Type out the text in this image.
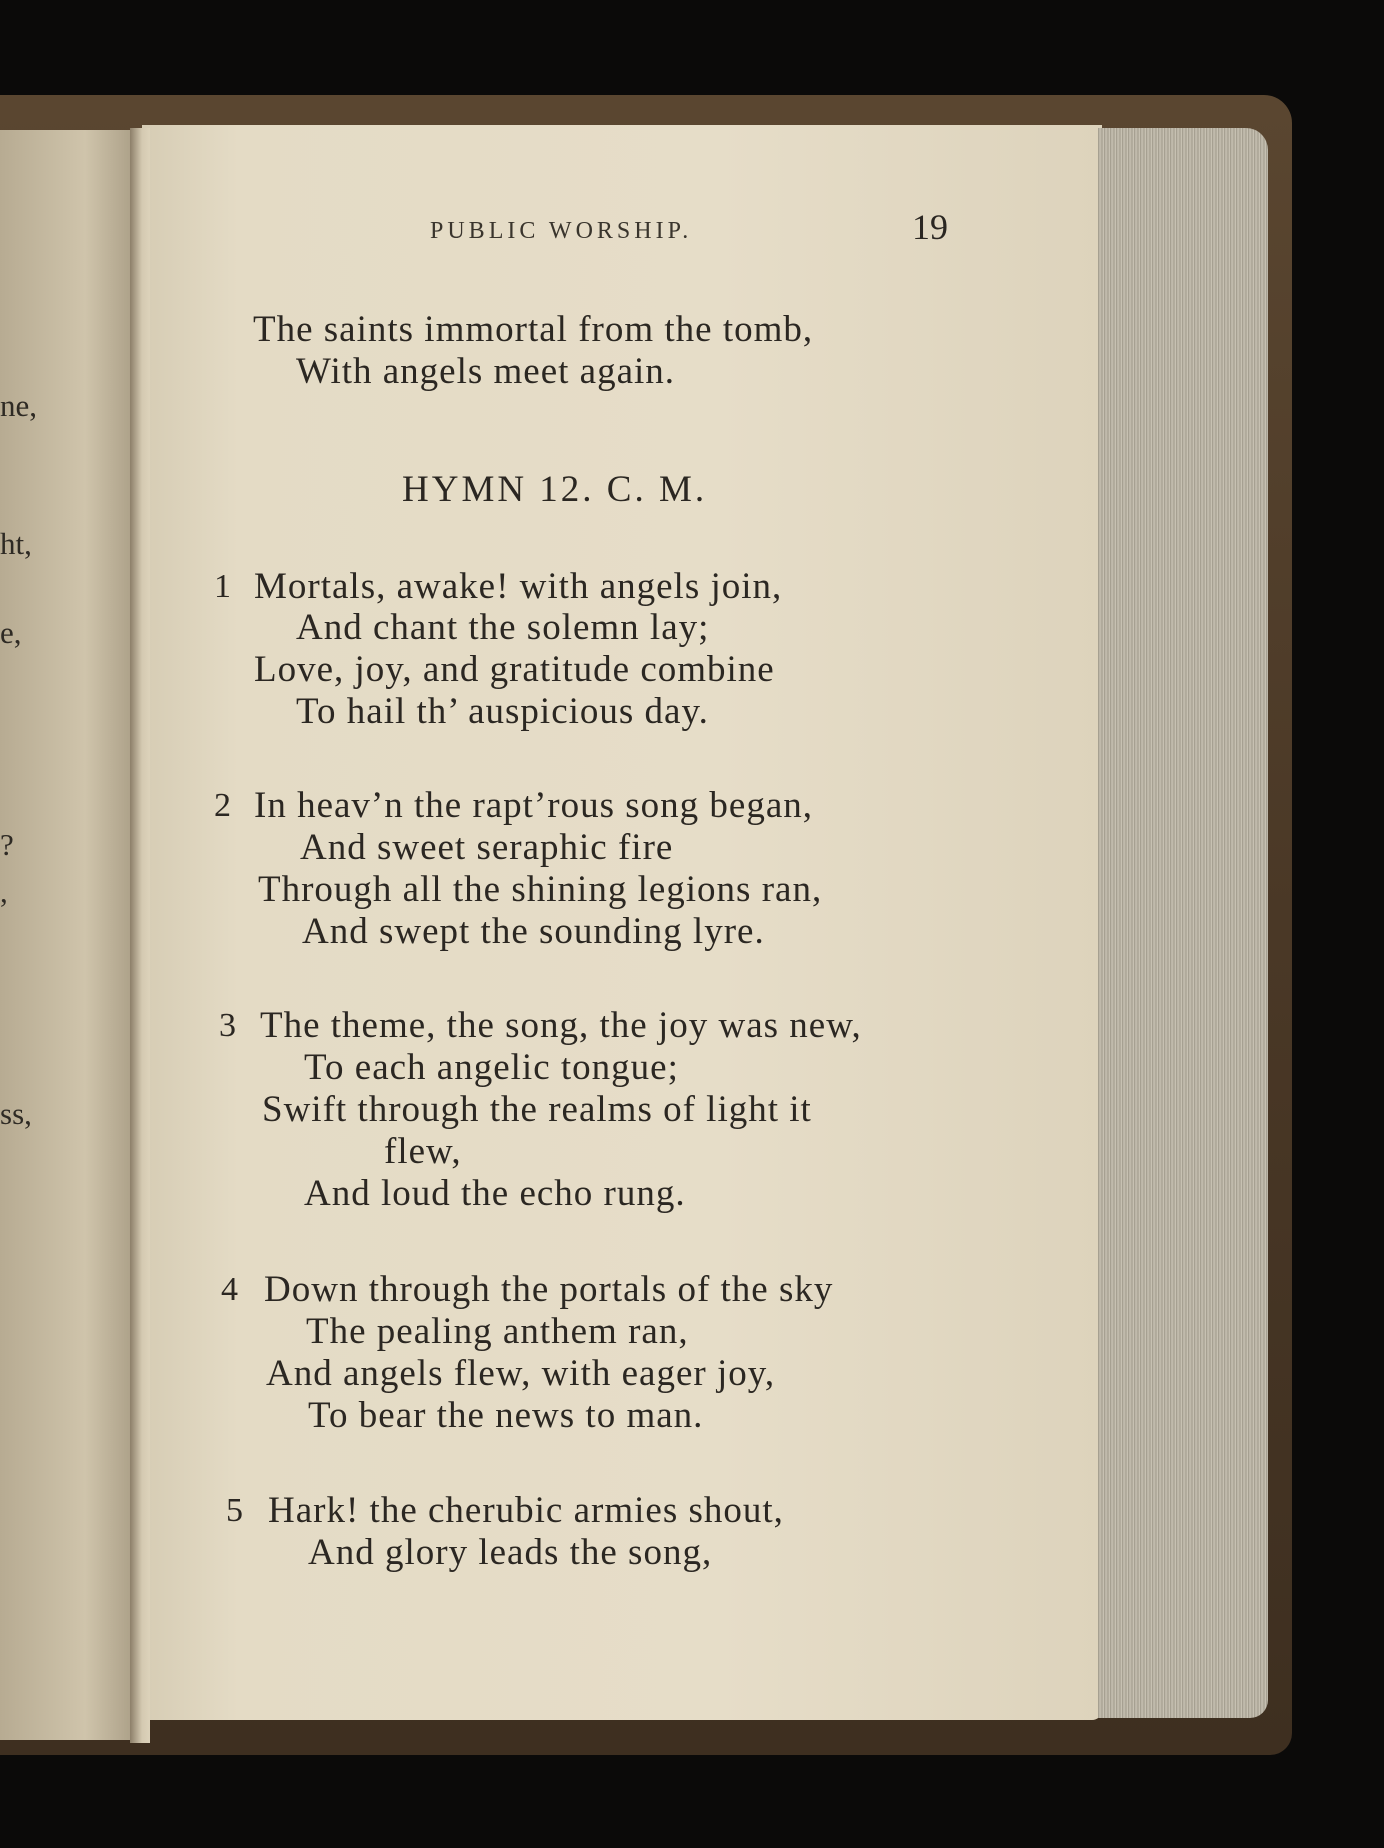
ne,
ht,
e,
?
,
ss,
PUBLIC WORSHIP.	19
The saints immortal from the tomb,
With angels meet again.
HYMN 12. C. M.
1 Mortals, awake! with angels join,
And chant the solemn lay;
Love, joy, and gratitude combine
To hail th’ auspicious day.
2 In heav’n the rapt’rous song began,
And sweet seraphic fire
Through all the shining legions ran,
And swept the sounding lyre.
3 The theme, the song, the joy was new,
To each angelic tongue;
Swift through the realms of light it
flew,
And loud the echo rung.
4 Down through the portals of the sky
The pealing anthem ran,
And angels flew, with eager joy,
To bear the news to man.
5 Hark! the cherubic armies shout,
And glory leads the song,
